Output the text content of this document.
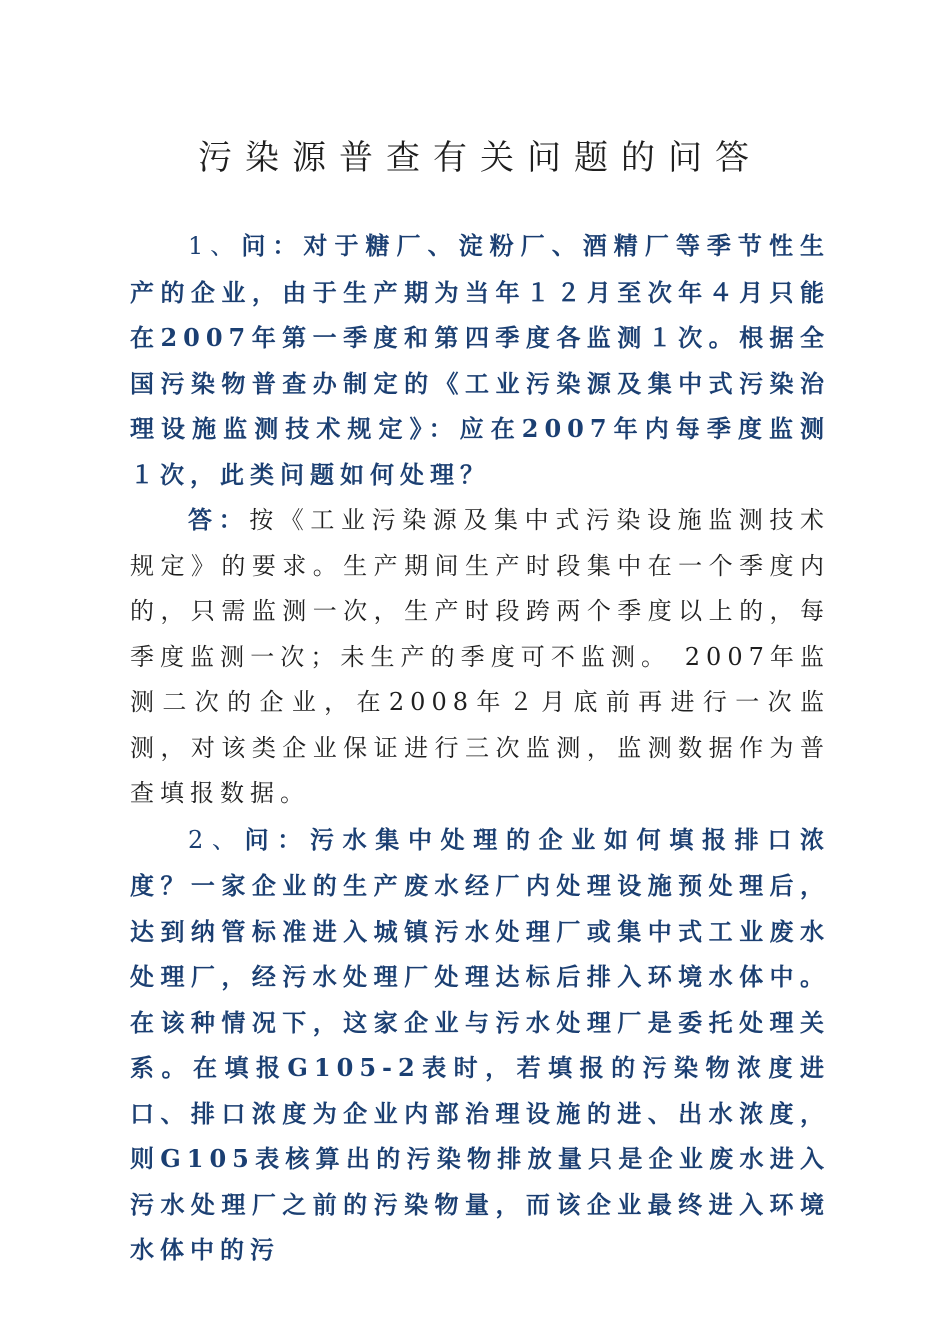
污染源普查有关问题的问答

1、问：对于糖厂、淀粉厂、酒精厂等季节性生产的企业，由于生产期为当年１２月至次年４月只能在2007年第一季度和第四季度各监测１次。根据全国污染物普查办制定的《工业污染源及集中式污染治理设施监测技术规定》：应在2007年内每季度监测１次，此类问题如何处理？

答：按《工业污染源及集中式污染设施监测技术规定》的要求。生产期间生产时段集中在一个季度内的，只需监测一次，生产时段跨两个季度以上的，每季度监测一次；未生产的季度可不监测。 2007年监测二次的企业，在2008年２月底前再进行一次监测，对该类企业保证进行三次监测，监测数据作为普查填报数据。

2、问：污水集中处理的企业如何填报排口浓度？一家企业的生产废水经厂内处理设施预处理后，达到纳管标准进入城镇污水处理厂或集中式工业废水处理厂，经污水处理厂处理达标后排入环境水体中。在该种情况下，这家企业与污水处理厂是委托处理关系。在填报G105-2表时，若填报的污染物浓度进口、排口浓度为企业内部治理设施的进、出水浓度，则G105表核算出的污染物排放量只是企业废水进入污水处理厂之前的污染物量，而该企业最终进入环境水体中的污
